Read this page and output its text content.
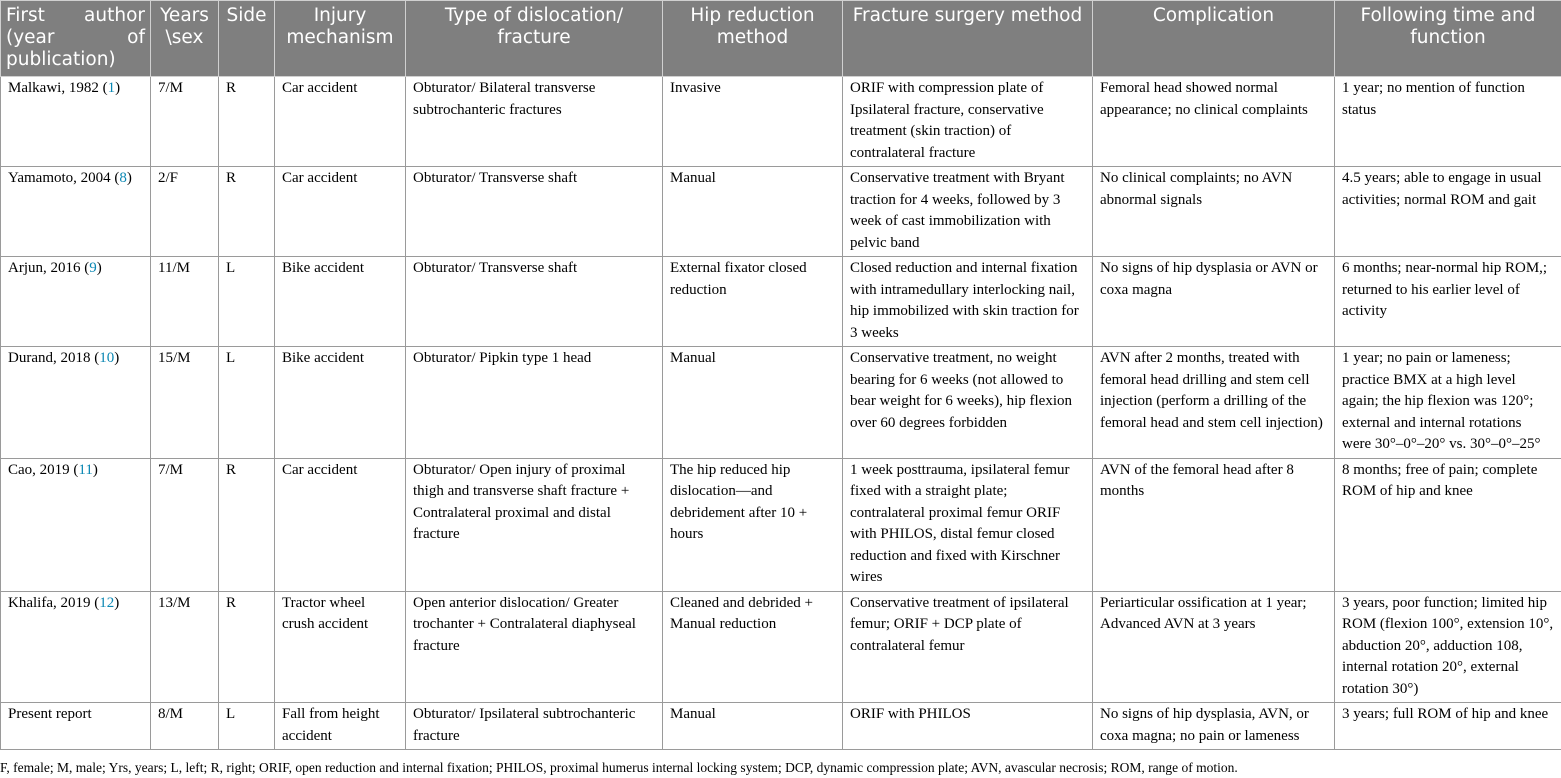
First author (year of publication)	Years \sex	Side	Injury mechanism	Type of dislocation/ fracture	Hip reduction method	Fracture surgery method	Complication	Following time and function
Malkawi, 1982 (1)	7/M	R	Car accident	Obturator/ Bilateral transverse subtrochanteric fractures	Invasive	ORIF with compression plate of Ipsilateral fracture, conservative treatment (skin traction) of contralateral fracture	Femoral head showed normal appearance; no clinical complaints	1 year; no mention of function status
Yamamoto, 2004 (8)	2/F	R	Car accident	Obturator/ Transverse shaft	Manual	Conservative treatment with Bryant traction for 4 weeks, followed by 3 week of cast immobilization with pelvic band	No clinical complaints; no AVN abnormal signals	4.5 years; able to engage in usual activities; normal ROM and gait
Arjun, 2016 (9)	11/M	L	Bike accident	Obturator/ Transverse shaft	External fixator closed reduction	Closed reduction and internal fixation with intramedullary interlocking nail, hip immobilized with skin traction for 3 weeks	No signs of hip dysplasia or AVN or coxa magna	6 months; near-normal hip ROM,; returned to his earlier level of activity
Durand, 2018 (10)	15/M	L	Bike accident	Obturator/ Pipkin type 1 head	Manual	Conservative treatment, no weight bearing for 6 weeks (not allowed to bear weight for 6 weeks), hip flexion over 60 degrees forbidden	AVN after 2 months, treated with femoral head drilling and stem cell injection (perform a drilling of the femoral head and stem cell injection)	1 year; no pain or lameness; practice BMX at a high level again; the hip flexion was 120°; external and internal rotations were 30°–0°–20° vs. 30°–0°–25°
Cao, 2019 (11)	7/M	R	Car accident	Obturator/ Open injury of proximal thigh and transverse shaft fracture + Contralateral proximal and distal fracture	The hip reduced hip dislocation—and debridement after 10 + hours	1 week posttrauma, ipsilateral femur fixed with a straight plate; contralateral proximal femur ORIF with PHILOS, distal femur closed reduction and fixed with Kirschner wires	AVN of the femoral head after 8 months	8 months; free of pain; complete ROM of hip and knee
Khalifa, 2019 (12)	13/M	R	Tractor wheel crush accident	Open anterior dislocation/ Greater trochanter + Contralateral diaphyseal fracture	Cleaned and debrided + Manual reduction	Conservative treatment of ipsilateral femur; ORIF + DCP plate of contralateral femur	Periarticular ossification at 1 year; Advanced AVN at 3 years	3 years, poor function; limited hip ROM (flexion 100°, extension 10°, abduction 20°, adduction 108, internal rotation 20°, external rotation 30°)
Present report	8/M	L	Fall from height accident	Obturator/ Ipsilateral subtrochanteric fracture	Manual	ORIF with PHILOS	No signs of hip dysplasia, AVN, or coxa magna; no pain or lameness	3 years; full ROM of hip and knee
F, female; M, male; Yrs, years; L, left; R, right; ORIF, open reduction and internal fixation; PHILOS, proximal humerus internal locking system; DCP, dynamic compression plate; AVN, avascular necrosis; ROM, range of motion.
